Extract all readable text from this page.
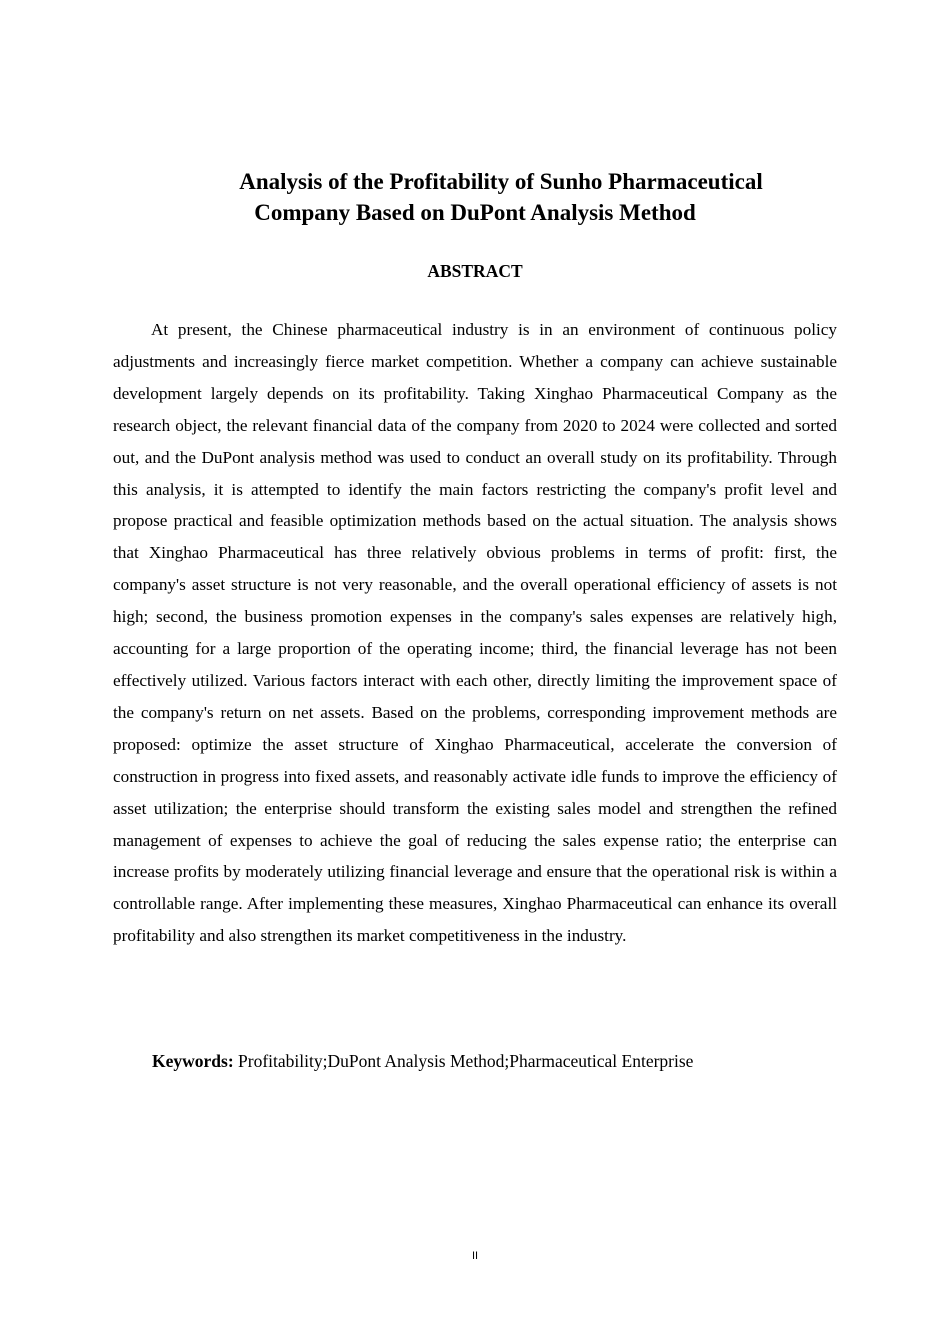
Analysis of the Profitability of Sunho Pharmaceutical
Company Based on DuPont Analysis Method
ABSTRACT

At present, the Chinese pharmaceutical industry is in an environment of continuous policy adjustments and increasingly fierce market competition. Whether a company can achieve sustainable development largely depends on its profitability. Taking Xinghao Pharmaceutical Company as the research object, the relevant financial data of the company from 2020 to 2024 were collected and sorted out, and the DuPont analysis method was used to conduct an overall study on its profitability. Through this analysis, it is attempted to identify the main factors restricting the company's profit level and propose practical and feasible optimization methods based on the actual situation. The analysis shows that Xinghao Pharmaceutical has three relatively obvious problems in terms of profit: first, the company's asset structure is not very reasonable, and the overall operational efficiency of assets is not high; second, the business promotion expenses in the company's sales expenses are relatively high, accounting for a large proportion of the operating income; third, the financial leverage has not been effectively utilized. Various factors interact with each other, directly limiting the improvement space of the company's return on net assets. Based on the problems, corresponding improvement methods are proposed: optimize the asset structure of Xinghao Pharmaceutical, accelerate the conversion of construction in progress into fixed assets, and reasonably activate idle funds to improve the efficiency of asset utilization; the enterprise should transform the existing sales model and strengthen the refined management of expenses to achieve the goal of reducing the sales expense ratio; the enterprise can increase profits by moderately utilizing financial leverage and ensure that the operational risk is within a controllable range. After implementing these measures, Xinghao Pharmaceutical can enhance its overall profitability and also strengthen its market competitiveness in the industry.

Keywords: Profitability;DuPont Analysis Method;Pharmaceutical Enterprise
II
